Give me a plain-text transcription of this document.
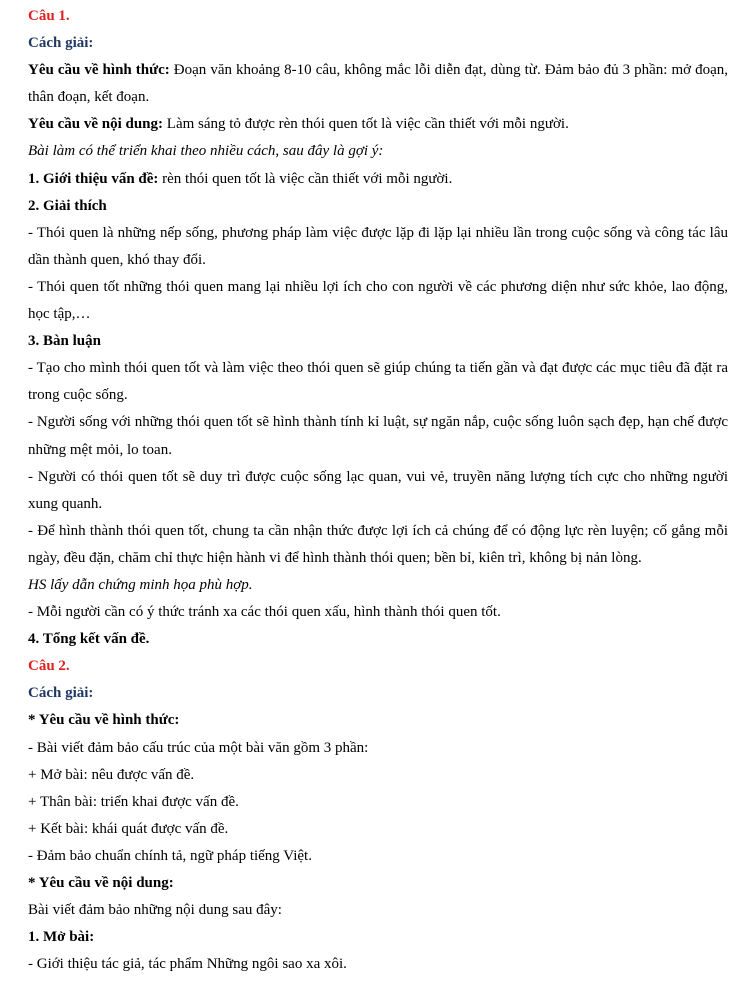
Câu 1.

Cách giải:

Yêu cầu về hình thức: Đoạn văn khoảng 8-10 câu, không mắc lỗi diễn đạt, dùng từ. Đảm bảo đủ 3 phần: mở đoạn, thân đoạn, kết đoạn.

Yêu cầu về nội dung: Làm sáng tỏ được rèn thói quen tốt là việc cần thiết với mỗi người.

Bài làm có thể triển khai theo nhiều cách, sau đây là gợi ý:

1. Giới thiệu vấn đề: rèn thói quen tốt là việc cần thiết với mỗi người.

2. Giải thích

- Thói quen là những nếp sống, phương pháp làm việc được lặp đi lặp lại nhiều lần trong cuộc sống và công tác lâu dần thành quen, khó thay đổi.

- Thói quen tốt những thói quen mang lại nhiều lợi ích cho con người về các phương diện như sức khỏe, lao động, học tập,…

3. Bàn luận

- Tạo cho mình thói quen tốt và làm việc theo thói quen sẽ giúp chúng ta tiến gần và đạt được các mục tiêu đã đặt ra trong cuộc sống.

- Người sống với những thói quen tốt sẽ hình thành tính kỉ luật, sự ngăn nắp, cuộc sống luôn sạch đẹp, hạn chế được những mệt mỏi, lo toan.

- Người có thói quen tốt sẽ duy trì được cuộc sống lạc quan, vui vẻ, truyền năng lượng tích cực cho những người xung quanh.

- Để hình thành thói quen tốt, chung ta cần nhận thức được lợi ích cả chúng để có động lực rèn luyện; cố gắng mỗi ngày, đều đặn, chăm chỉ thực hiện hành vi để hình thành thói quen; bền bỉ, kiên trì, không bị nản lòng.

HS lấy dẫn chứng minh họa phù hợp.

- Mỗi người cần có ý thức tránh xa các thói quen xấu, hình thành thói quen tốt.

4. Tổng kết vấn đề.

Câu 2.

Cách giải:

* Yêu cầu về hình thức:

- Bài viết đảm bảo cấu trúc của một bài văn gồm 3 phần:

+ Mở bài: nêu được vấn đề.

+ Thân bài: triển khai được vấn đề.

+ Kết bài: khái quát được vấn đề.

- Đảm bảo chuẩn chính tả, ngữ pháp tiếng Việt.

* Yêu cầu về nội dung:

Bài viết đảm bảo những nội dung sau đây:

1. Mở bài:

- Giới thiệu tác giả, tác phẩm Những ngôi sao xa xôi.
